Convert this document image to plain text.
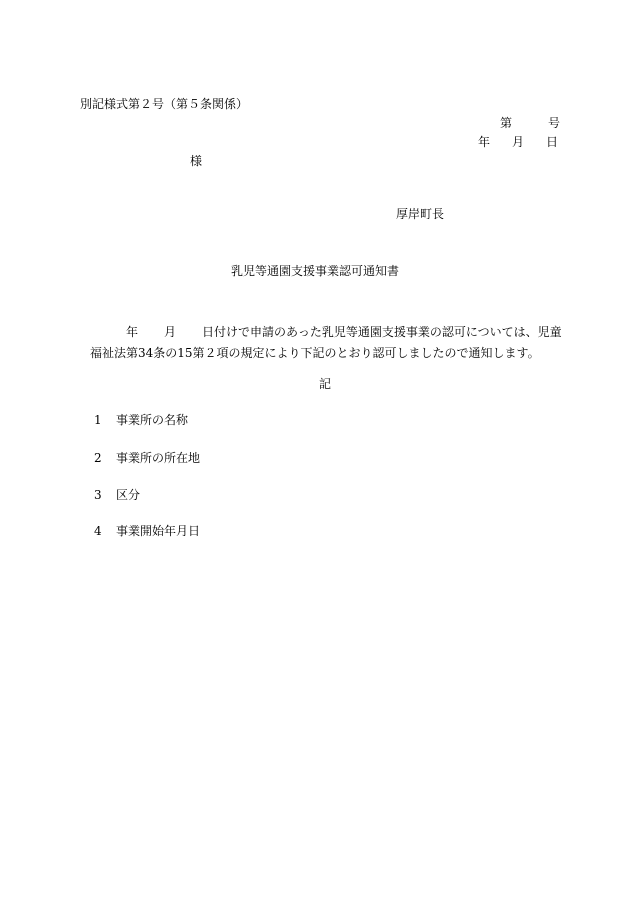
別記様式第２号（第５条関係）
第	号
年 月 日
様
厚岸町長
乳児等通園支援事業認可通知書
年 月 日付けで申請のあった乳児等通園支援事業の認可については、児童福祉法第34条の15第２項の規定により下記のとおり認可しましたので通知します。
記
1 事業所の名称
2 事業所の所在地
3 区分
4 事業開始年月日
